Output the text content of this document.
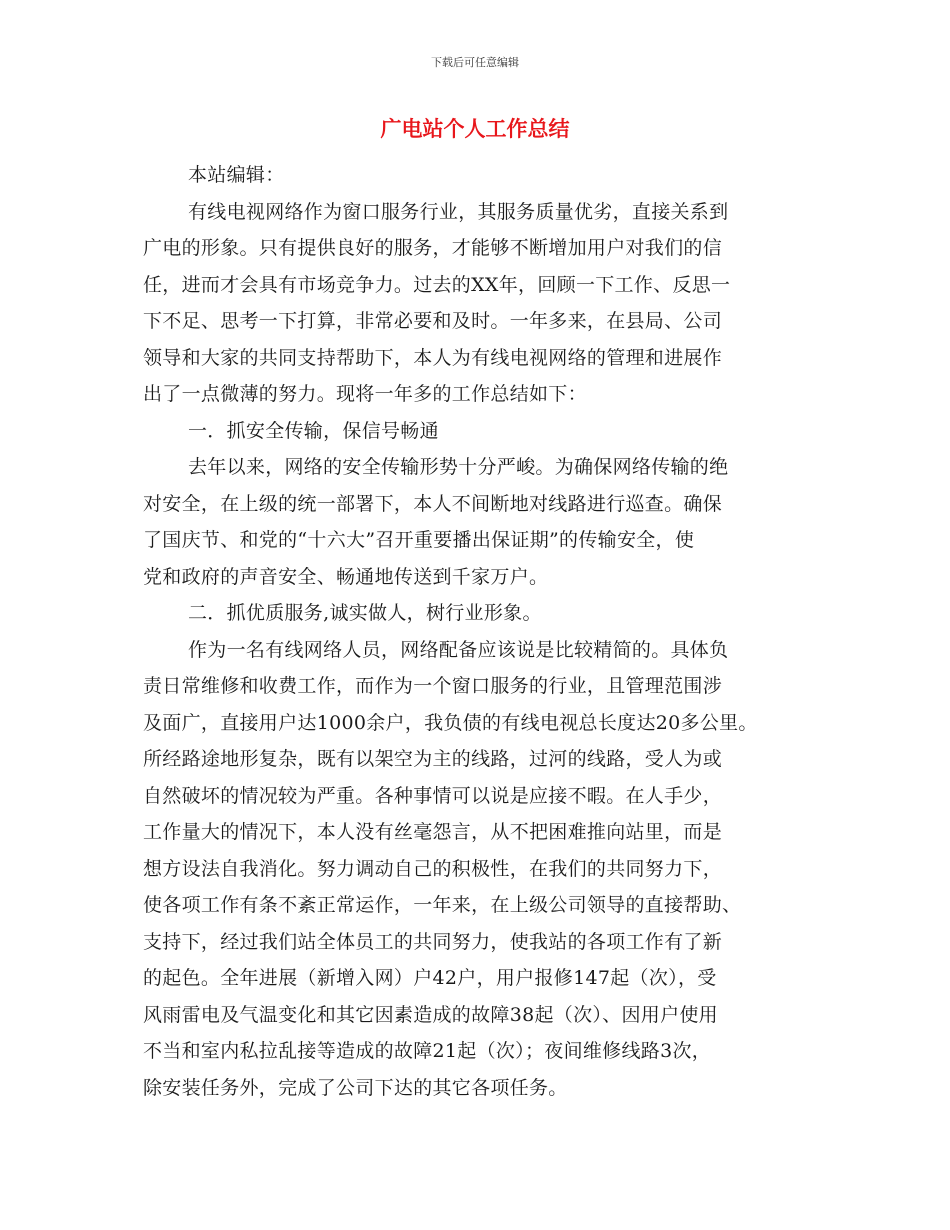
下载后可任意编辑
广电站个人工作总结
本站编辑：
有线电视网络作为窗口服务行业，其服务质量优劣，直接关系到
广电的形象。只有提供良好的服务，才能够不断增加用户对我们的信
任，进而才会具有市场竞争力。过去的XX年，回顾一下工作、反思一
下不足、思考一下打算，非常必要和及时。一年多来，在县局、公司
领导和大家的共同支持帮助下，本人为有线电视网络的管理和进展作
出了一点微薄的努力。现将一年多的工作总结如下：
一．抓安全传输，保信号畅通
去年以来，网络的安全传输形势十分严峻。为确保网络传输的绝
对安全，在上级的统一部署下，本人不间断地对线路进行巡查。确保
了国庆节、和党的“十六大”召开重要播出保证期”的传输安全，使
党和政府的声音安全、畅通地传送到千家万户。
二．抓优质服务,诚实做人，树行业形象。
作为一名有线网络人员，网络配备应该说是比较精简的。具体负
责日常维修和收费工作，而作为一个窗口服务的行业，且管理范围涉
及面广，直接用户达1000余户，我负债的有线电视总长度达20多公里。
所经路途地形复杂，既有以架空为主的线路，过河的线路，受人为或
自然破坏的情况较为严重。各种事情可以说是应接不暇。在人手少，
工作量大的情况下，本人没有丝毫怨言，从不把困难推向站里，而是
想方设法自我消化。努力调动自己的积极性，在我们的共同努力下，
使各项工作有条不紊正常运作，一年来，在上级公司领导的直接帮助、
支持下，经过我们站全体员工的共同努力，使我站的各项工作有了新
的起色。全年进展（新增入网）户42户，用户报修147起（次），受
风雨雷电及气温变化和其它因素造成的故障38起（次）、因用户使用
不当和室内私拉乱接等造成的故障21起（次）；夜间维修线路3次，
除安装任务外，完成了公司下达的其它各项任务。
